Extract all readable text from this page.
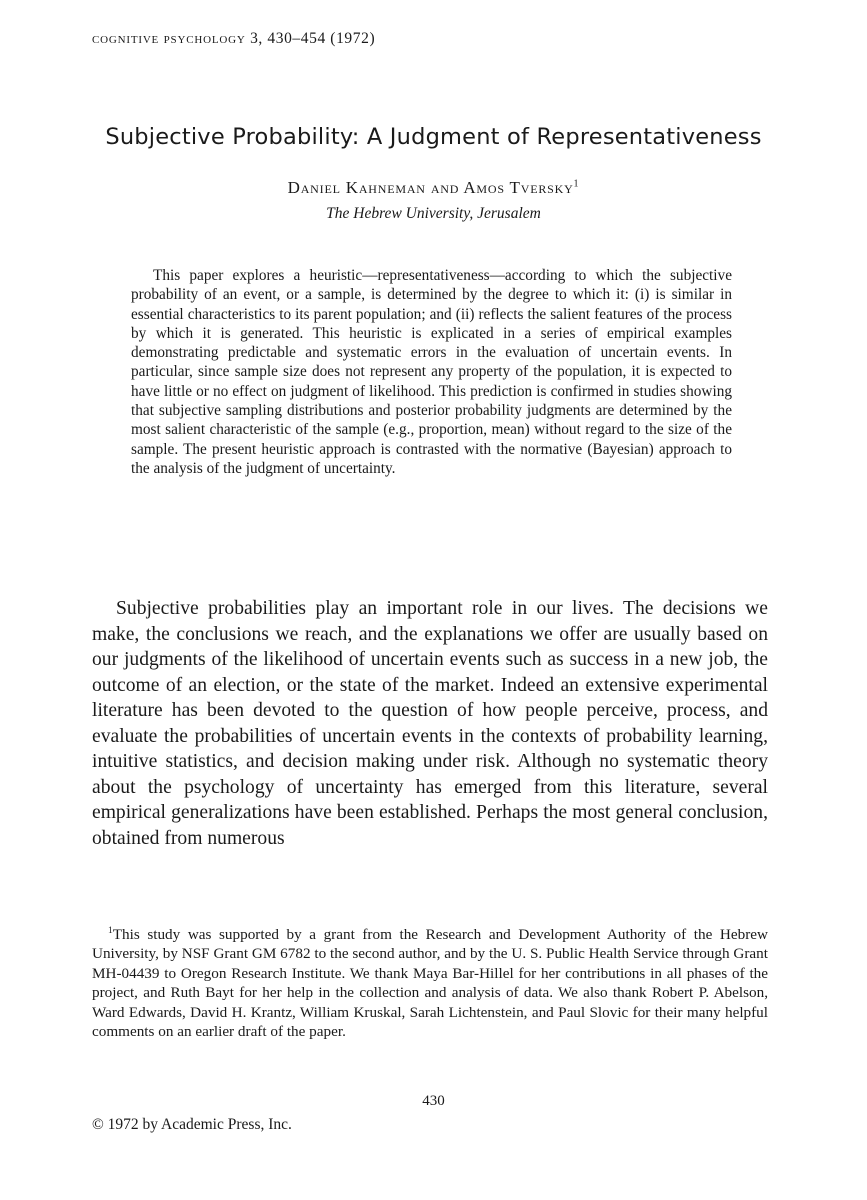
cognitive psychology 3, 430–454 (1972)
Subjective Probability: A Judgment of Representativeness
Daniel Kahneman and Amos Tversky$^1$
The Hebrew University, Jerusalem

This paper explores a heuristic—representativeness—according to which the subjective probability of an event, or a sample, is determined by the degree to which it: (i) is similar in essential characteristics to its parent population; and (ii) reflects the salient features of the process by which it is generated. This heuristic is explicated in a series of empirical examples demonstrating predictable and systematic errors in the evaluation of uncertain events. In particular, since sample size does not represent any property of the population, it is expected to have little or no effect on judgment of likelihood. This prediction is confirmed in studies showing that subjective sampling distributions and posterior probability judgments are determined by the most salient characteristic of the sample (e.g., proportion, mean) without regard to the size of the sample. The present heuristic approach is contrasted with the normative (Bayesian) approach to the analysis of the judgment of uncertainty.

Subjective probabilities play an important role in our lives. The decisions we make, the conclusions we reach, and the explanations we offer are usually based on our judgments of the likelihood of uncertain events such as success in a new job, the outcome of an election, or the state of the market. Indeed an extensive experimental literature has been devoted to the question of how people perceive, process, and evaluate the probabilities of uncertain events in the contexts of probability learning, intuitive statistics, and decision making under risk. Although no systematic theory about the psychology of uncertainty has emerged from this literature, several empirical generalizations have been established. Perhaps the most general conclusion, obtained from numerous

$^1$This study was supported by a grant from the Research and Development Authority of the Hebrew University, by NSF Grant GM 6782 to the second author, and by the U. S. Public Health Service through Grant MH-04439 to Oregon Research Institute. We thank Maya Bar-Hillel for her contributions in all phases of the project, and Ruth Bayt for her help in the collection and analysis of data. We also thank Robert P. Abelson, Ward Edwards, David H. Krantz, William Kruskal, Sarah Lichtenstein, and Paul Slovic for their many helpful comments on an earlier draft of the paper.

430
© 1972 by Academic Press, Inc.
